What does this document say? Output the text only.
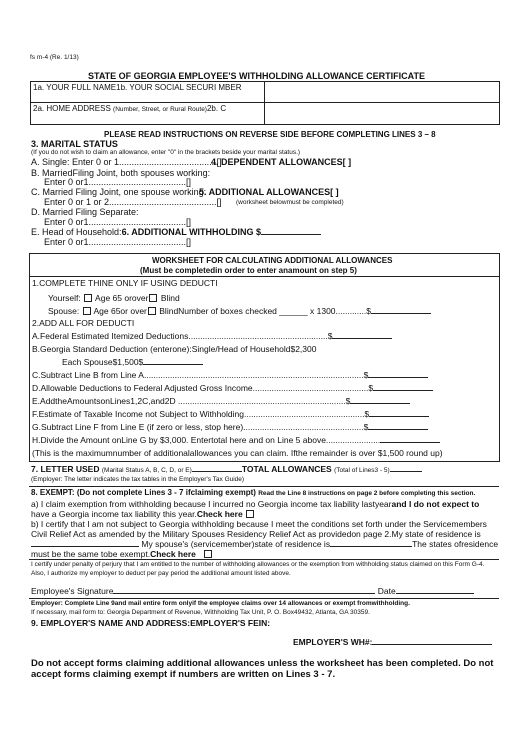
fs m-4 (Re. 1/13)
STATE OF GEORGIA EMPLOYEE'S WITHHOLDING ALLOWANCE CERTIFICATE
1a. YOUR FULL NAME1b. YOUR SOCIAL SECURI MBER
2a. HOME ADDRESS (Number, Street, or Rural Route)2b. C
PLEASE READ INSTRUCTIONS ON REVERSE SIDE BEFORE COMPLETING LINES 3 – 8
3. MARITAL STATUS
(If you do not wish to claim an allowance, enter "0" in the brackets beside your marital status.)
A. Single: Enter 0 or 1.......................................[]
4. DEPENDENT ALLOWANCES[ ]
B. MarriedFiling Joint, both spouses working:
Enter 0 or1.......................................[]
C. Married Filing Joint, one spouse working:
5. ADDITIONAL ALLOWANCES[ ]
Enter 0 or 1 or 2...........................................[] (worksheet belowmust be completed)
D. Married Filing Separate:
Enter 0 or1.......................................[]
E. Head of Household:6. ADDITIONAL WITHHOLDING $
Enter 0 or1.......................................[]
WORKSHEET FOR CALCULATING ADDITIONAL ALLOWANCES
(Must be completedin order to enter anamount on step 5)
1.COMPLETE THINE ONLY IF USING DEDUCTI
Yourself: Age 65 orover Blind
Spouse: Age 65or over BlindNumber of boxes checked ______ x 1300.............$
2.ADD ALL FOR DEDUCTI
A.Federal Estimated Itemized Deductions...........................................................$
B.Georgia Standard Deduction (enterone):Single/Head of Household$2,300
Each Spouse$1,500$
C.Subtract Line B from Line A.............................................................................................$
D.Allowable Deductions to Federal Adjusted Gross Income.................................................$
E.AddtheAmountsonLines1,2C,and2D .......................................................................$
F.Estimate of Taxable Income not Subject to Withholding...................................................$
G.Subtract Line F from Line E (if zero or less, stop here)...................................................$
H.Divide the Amount onLine G by $3,000. Entertotal here and on Line 5 above.......................
(This is the maximumnumber of additionalallowances you can claim. Ifthe remainder is over $1,500 round up)
7. LETTER USED (Marital Status A, B, C, D, or E)	TOTAL ALLOWANCES (Total of Lines3 - 5)
(Employer: The letter indicates the tax tables in the Employer's Tax Guide)
8. EXEMPT: (Do not complete Lines 3 - 7 ifclaiming exempt) Read the Line 8 instructions on page 2 before completing this section.
a) I claim exemption from withholding because I incurred no Georgia income tax liability lastyearand I do not expect to
have a Georgia income tax liability this year.Check here
b) I certify that I am not subject to Georgia withholding because I meet the conditions set forth under the Servicemembers
Civil Relief Act as amended by the Military Spouses Residency Relief Act as providedon page 2.My state of residence is
My spouse's (servicemember)state of residence is	The states ofresidence
must be the same tobe exempt.Check here
I certify under penalty of perjury that I am entitled to the number of withholding allowances or the exemption from withholding status claimed on this Form G-4. Also, I authorize my employer to deduct per pay period the additional amount listed above.
Employee's Signature	Date
Employer: Complete Line 9and mail entire form onlyif the employee claims over 14 allowances or exempt fromwithholding.
If necessary, mail form to: Georgia Department of Revenue, Withholding Tax Unit, P. O. Box49432, Atlanta, GA 30359.
9. EMPLOYER'S NAME AND ADDRESS:EMPLOYER'S FEIN:
EMPLOYER'S WH#:
Do not accept forms claiming additional allowances unless the worksheet has been completed. Do not accept forms claiming exempt if numbers are written on Lines 3 - 7.
